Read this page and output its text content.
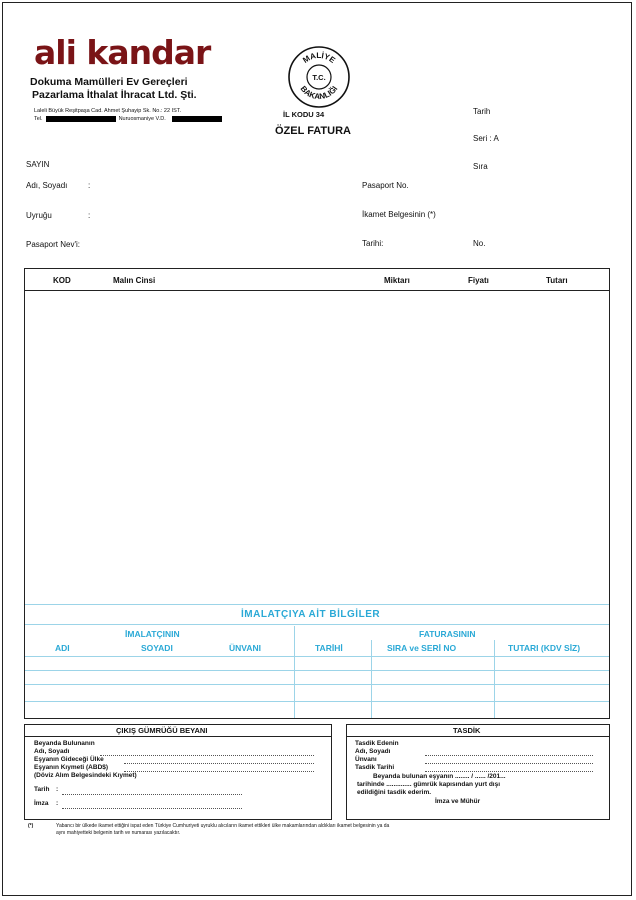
ali kandar
Dokuma Mamülleri Ev Gereçleri
Pazarlama İthalat İhracat Ltd. Şti.
Laleli Büyük Reşitpaşa Cad. Ahmet Şuhayip Sk. No.: 22 IST.
Tel.	Nuruosmaniye V.D.
MALİYE
BAKANLIĞI
T.C.
İL KODU 34
ÖZEL FATURA
Tarih
Seri : A
Sıra
SAYIN
Adı, Soyadı	:
Uyruğu	:
Pasaport Nev'i:
Pasaport No.
İkamet Belgesinin (*)
Tarihi:	No.
KOD	Malın Cinsi	Miktarı	Fiyatı	Tutarı
İMALATÇIYA AİT BİLGİLER
İMALATÇININ	FATURASININ
ADI	SOYADI	ÜNVANI	TARİHİ	SIRA ve SERİ NO	TUTARI (KDV SİZ)
ÇIKIŞ GÜMRÜĞÜ BEYANI
Beyanda Bulunanın
Adı, Soyadı
Eşyanın Gideceği Ülke
Eşyanın Kıymeti (ABD$)
(Döviz Alım Belgesindeki Kıymet)
Tarih :
İmza :
TASDİK
Tasdik Edenin
Adı, Soyadı
Ünvanı
Tasdik Tarihi
Beyanda bulunan eşyanın ........ / ...... /201...
tarihinde .............. gümrük kapısından yurt dışı
edildiğini tasdik ederim.
İmza ve Mühür
(*)	Yabancı bir ülkede ikamet ettiğini ispat eden Türkiye Cumhuriyeti uyruklu alıcıların ikamet ettikleri ülke makamlarından aldıkları ikamet belgesinin ya da
aynı mahiyetteki belgenin tarih ve numarası yazılacaktır.
